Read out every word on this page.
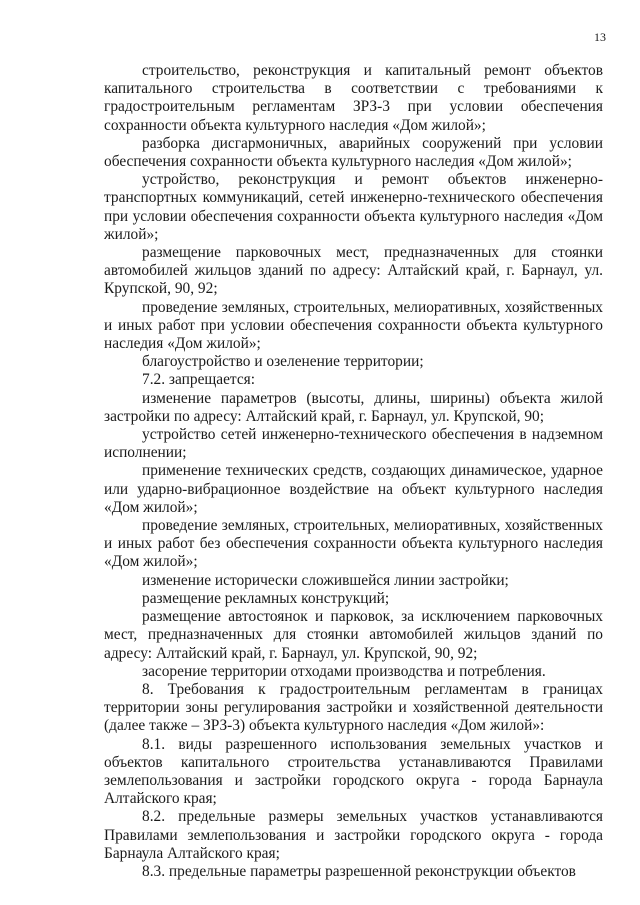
13

строительство, реконструкция и капитальный ремонт объектов капитального строительства в соответствии с требованиями к градостроительным регламентам ЗРЗ-3 при условии обеспечения сохранности объекта культурного наследия «Дом жилой»;

разборка дисгармоничных, аварийных сооружений при условии обеспечения сохранности объекта культурного наследия «Дом жилой»;

устройство, реконструкция и ремонт объектов инженерно-транспортных коммуникаций, сетей инженерно-технического обеспечения при условии обеспечения сохранности объекта культурного наследия «Дом жилой»;

размещение парковочных мест, предназначенных для стоянки автомобилей жильцов зданий по адресу: Алтайский край, г. Барнаул, ул. Крупской, 90, 92;

проведение земляных, строительных, мелиоративных, хозяйственных и иных работ при условии обеспечения сохранности объекта культурного наследия «Дом жилой»;

благоустройство и озеленение территории;

7.2. запрещается:

изменение параметров (высоты, длины, ширины) объекта жилой застройки по адресу: Алтайский край, г. Барнаул, ул. Крупской, 90;

устройство сетей инженерно-технического обеспечения в надземном исполнении;

применение технических средств, создающих динамическое, ударное или ударно-вибрационное воздействие на объект культурного наследия «Дом жилой»;

проведение земляных, строительных, мелиоративных, хозяйственных и иных работ без обеспечения сохранности объекта культурного наследия «Дом жилой»;

изменение исторически сложившейся линии застройки;

размещение рекламных конструкций;

размещение автостоянок и парковок, за исключением парковочных мест, предназначенных для стоянки автомобилей жильцов зданий по адресу: Алтайский край, г. Барнаул, ул. Крупской, 90, 92;

засорение территории отходами производства и потребления.

8. Требования к градостроительным регламентам в границах территории зоны регулирования застройки и хозяйственной деятельности (далее также – ЗРЗ-3) объекта культурного наследия «Дом жилой»:

8.1. виды разрешенного использования земельных участков и объектов капитального строительства устанавливаются Правилами землепользования и застройки городского округа - города Барнаула Алтайского края;

8.2. предельные размеры земельных участков устанавливаются Правилами землепользования и застройки городского округа - города Барнаула Алтайского края;

8.3. предельные параметры разрешенной реконструкции объектов
